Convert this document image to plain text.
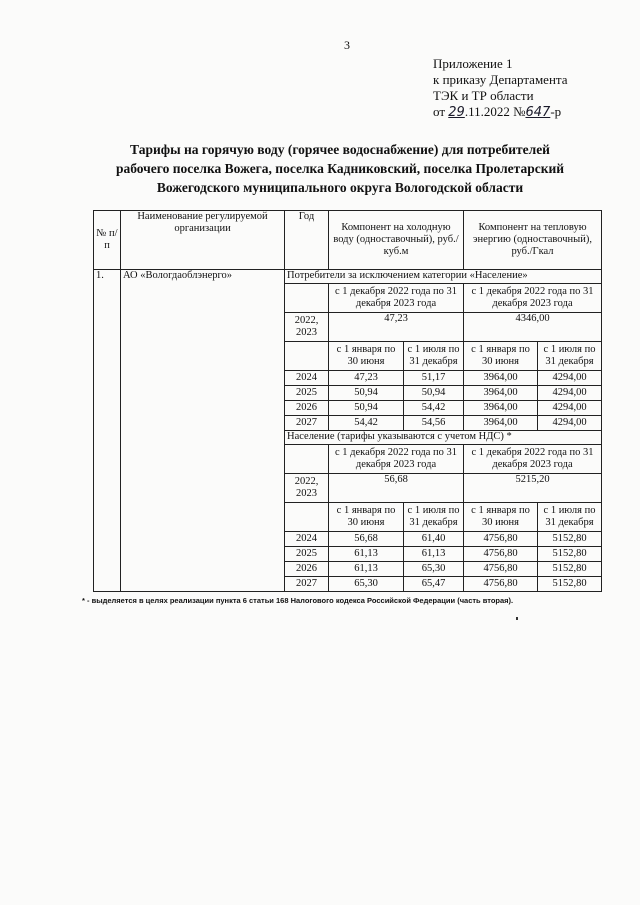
3
Приложение 1
к приказу Департамента
ТЭК и ТР области
от 29.11.2022 №647-р
Тарифы на горячую воду (горячее водоснабжение) для потребителей
рабочего поселка Вожега, поселка Кадниковский, поселка Пролетарский
Вожегодского муниципального округа Вологодской области
№ п/п	Наименование регулируемой организации	Год	Компонент на холодную воду (одноставочный), руб./куб.м		Компонент на тепловую энергию (одноставочный), руб./Гкал	
1.	АО «Вологдаоблэнерго»	Потребители за исключением категории «Население»				
			с 1 декабря 2022 года по 31 декабря 2023 года		с 1 декабря 2022 года по 31 декабря 2023 года	
		2022, 2023	47,23		4346,00	
			с 1 января по 30 июня	с 1 июля по 31 декабря	с 1 января по 30 июня	с 1 июля по 31 декабря
		2024	47,23	51,17	3964,00	4294,00
		2025	50,94	50,94	3964,00	4294,00
		2026	50,94	54,42	3964,00	4294,00
		2027	54,42	54,56	3964,00	4294,00
		Население (тарифы указываются с учетом НДС) *				
			с 1 декабря 2022 года по 31 декабря 2023 года		с 1 декабря 2022 года по 31 декабря 2023 года	
		2022, 2023	56,68		5215,20	
			с 1 января по 30 июня	с 1 июля по 31 декабря	с 1 января по 30 июня	с 1 июля по 31 декабря
		2024	56,68	61,40	4756,80	5152,80
		2025	61,13	61,13	4756,80	5152,80
		2026	61,13	65,30	4756,80	5152,80
		2027	65,30	65,47	4756,80	5152,80
* - выделяется в целях реализации пункта 6 статьи 168 Налогового кодекса Российской Федерации (часть вторая).
